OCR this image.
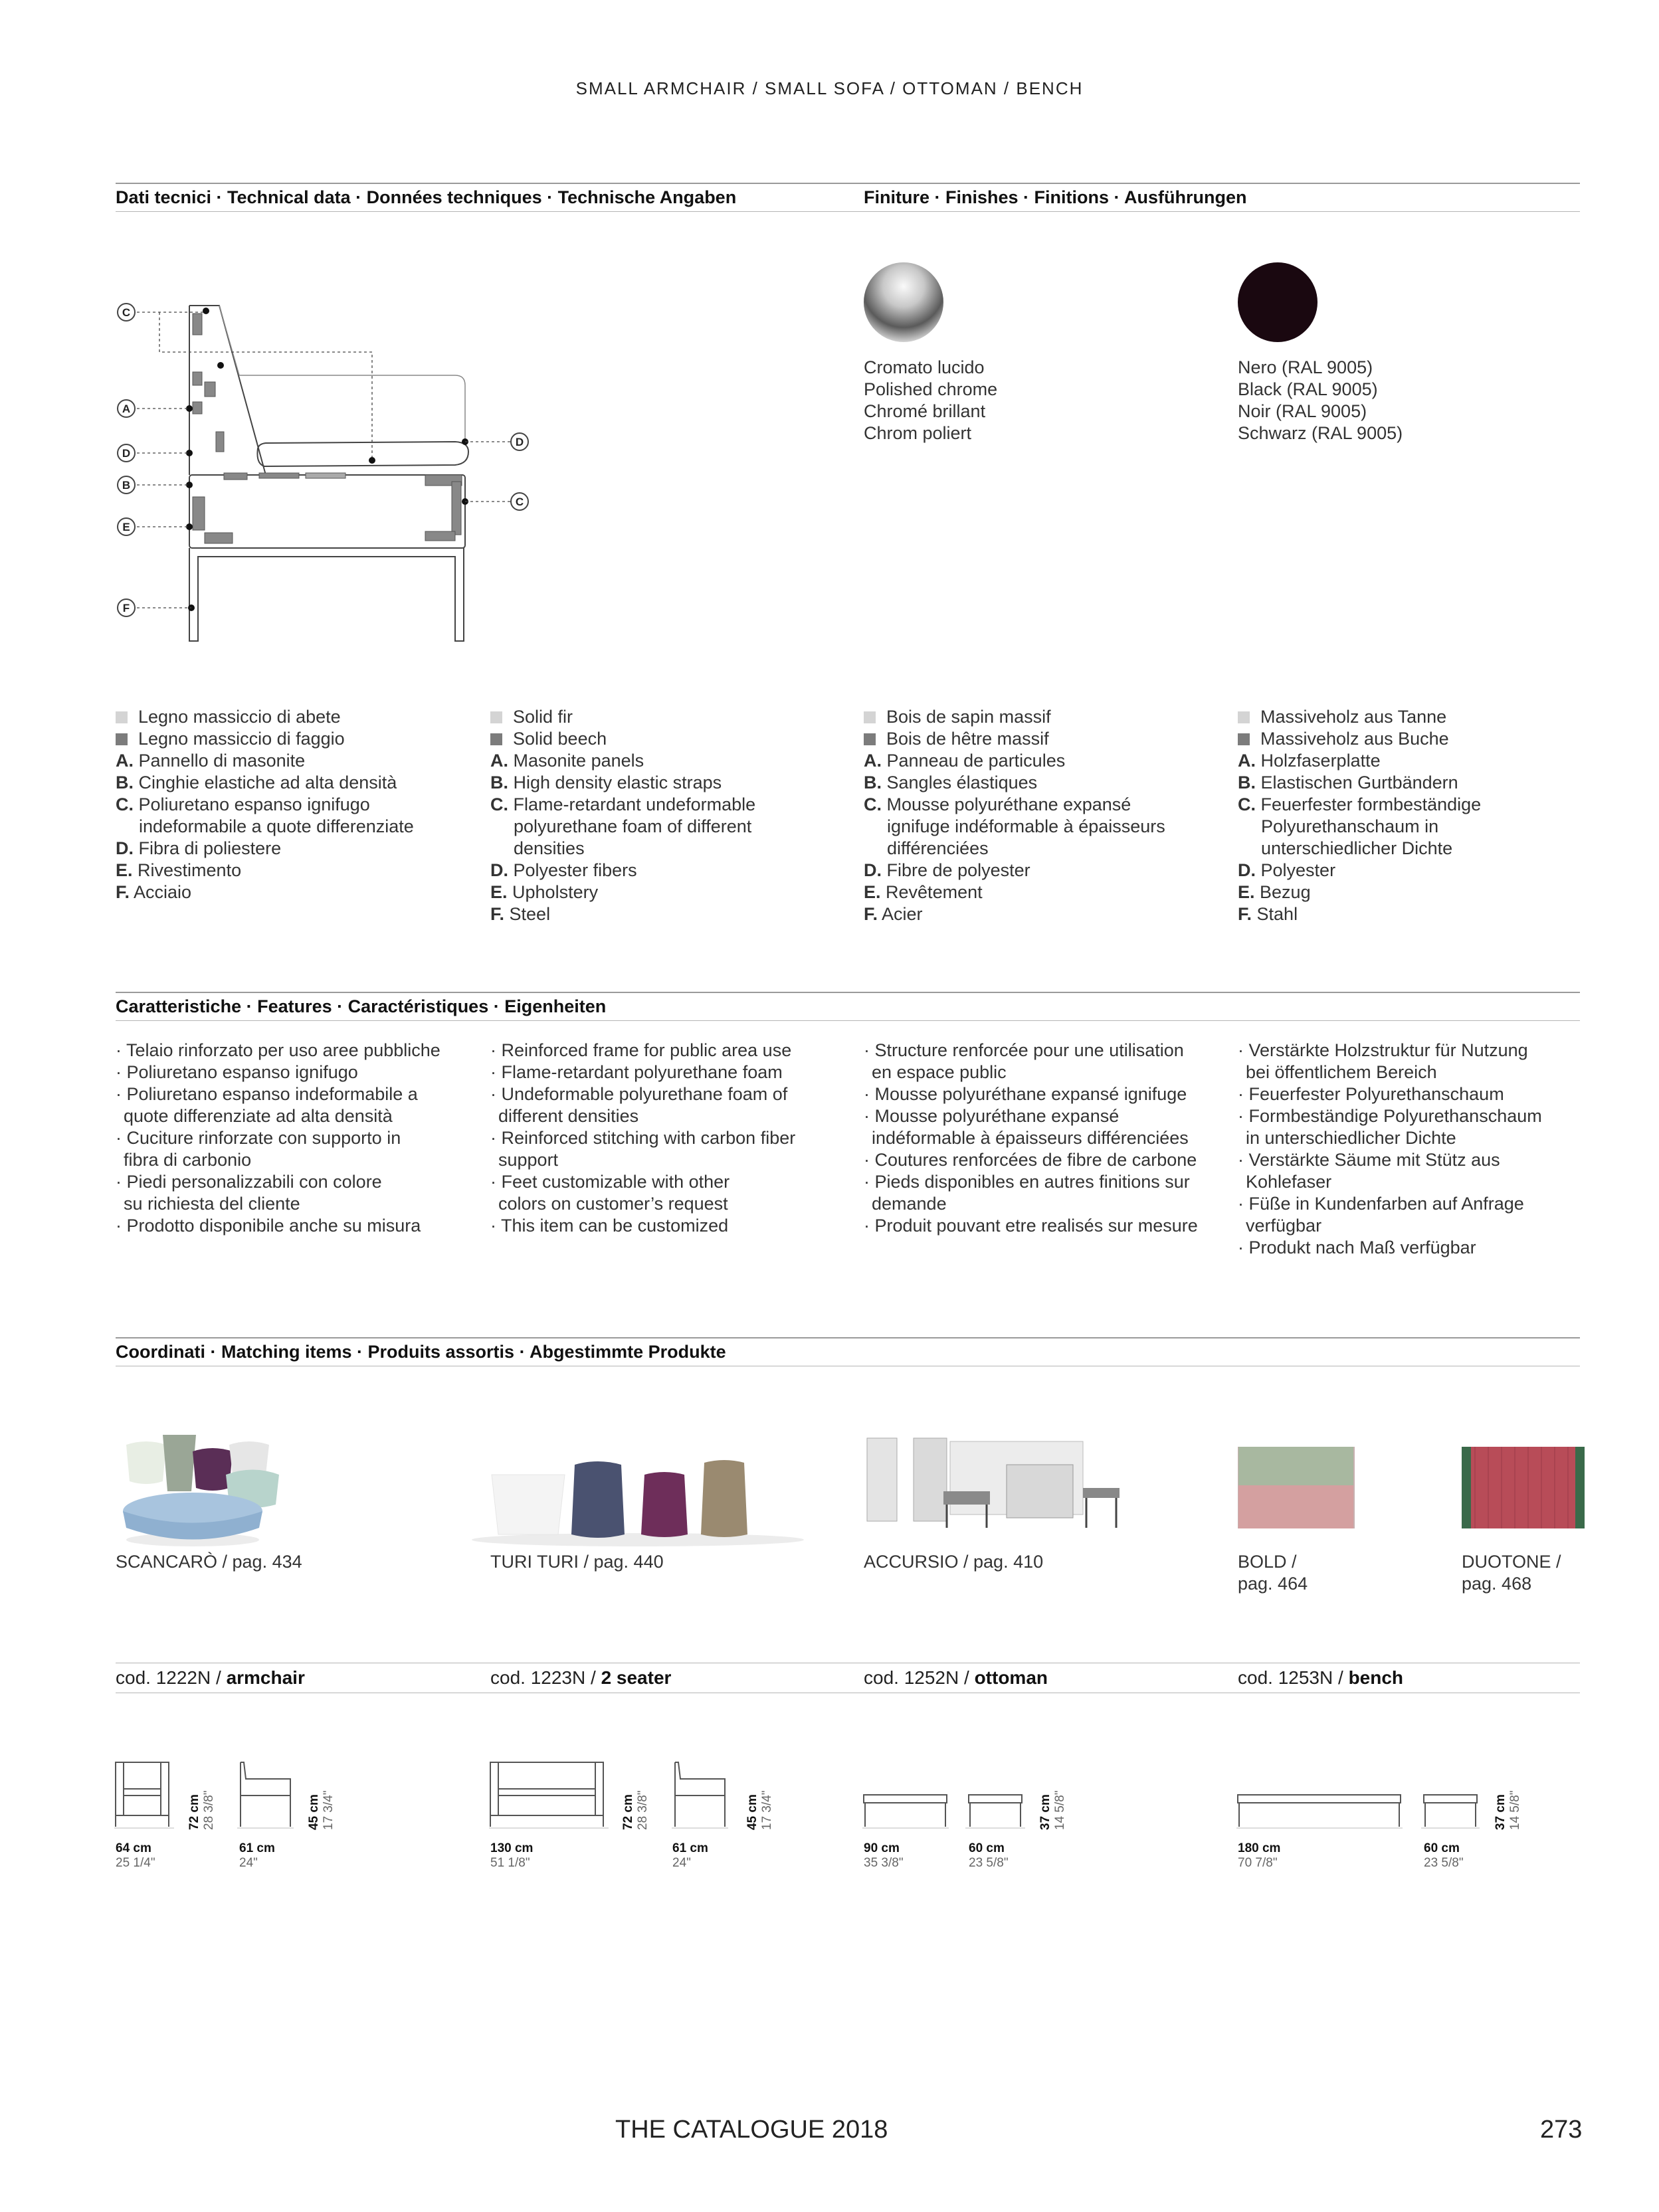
SMALL ARMCHAIR / SMALL SOFA / OTTOMAN / BENCH
Dati tecnici · Technical data · Données techniques · Technische Angaben	Finiture · Finishes · Finitions · Ausführungen
C
A
D
B
E
F
D
C
Cromato lucido
Polished chrome
Chromé brillant
Chrom poliert
Nero (RAL 9005)
Black (RAL 9005)
Noir (RAL 9005)
Schwarz (RAL 9005)
Legno massiccio di abete
Legno massiccio di faggio
A. Pannello di masonite
B. Cinghie elastiche ad alta densità
C. Poliuretano espanso ignifugo
indeformabile a quote differenziate
D. Fibra di poliestere
E. Rivestimento
F. Acciaio
Solid fir
Solid beech
A. Masonite panels
B. High density elastic straps
C. Flame-retardant undeformable
polyurethane foam of different
densities
D. Polyester fibers
E. Upholstery
F. Steel
Bois de sapin massif
Bois de hêtre massif
A. Panneau de particules
B. Sangles élastiques
C. Mousse polyuréthane expansé
ignifuge indéformable à épaisseurs
différenciées
D. Fibre de polyester
E. Revêtement
F. Acier
Massiveholz aus Tanne
Massiveholz aus Buche
A. Holzfaserplatte
B. Elastischen Gurtbändern
C. Feuerfester formbeständige
Polyurethanschaum in
unterschiedlicher Dichte
D. Polyester
E. Bezug
F. Stahl
Caratteristiche · Features · Caractéristiques · Eigenheiten
· Telaio rinforzato per uso aree pubbliche
· Poliuretano espanso ignifugo
· Poliuretano espanso indeformabile a
quote differenziate ad alta densità
· Cuciture rinforzate con supporto in
fibra di carbonio
· Piedi personalizzabili con colore
su richiesta del cliente
· Prodotto disponibile anche su misura
· Reinforced frame for public area use
· Flame-retardant polyurethane foam
· Undeformable polyurethane foam of
different densities
· Reinforced stitching with carbon fiber
support
· Feet customizable with other
colors on customer’s request
· This item can be customized
· Structure renforcée pour une utilisation
en espace public
· Mousse polyuréthane expansé ignifuge
· Mousse polyuréthane expansé
indéformable à épaisseurs différenciées
· Coutures renforcées de fibre de carbone
· Pieds disponibles en autres finitions sur
demande
· Produit pouvant etre realisés sur mesure
· Verstärkte Holzstruktur für Nutzung
bei öffentlichem Bereich
· Feuerfester Polyurethanschaum
· Formbeständige Polyurethanschaum
in unterschiedlicher Dichte
· Verstärkte Säume mit Stütz aus
Kohlefaser
· Füße in Kundenfarben auf Anfrage
verfügbar
· Produkt nach Maß verfügbar
Coordinati · Matching items · Produits assortis · Abgestimmte Produkte
SCANCARÒ / pag. 434	TURI TURI / pag. 440	ACCURSIO / pag. 410	BOLD /
pag. 464
DUOTONE /
pag. 468
cod. 1222N / armchair	cod. 1223N / 2 seater	cod. 1252N / ottoman	cod. 1253N / bench
72 cm
28 3/8"	45 cm
17 3/4"
64 cm
25 1/4"
61 cm
24"
72 cm
28 3/8"	45 cm
17 3/4"
130 cm
51 1/8"
61 cm
24"
37 cm
14 5/8"
90 cm
35 3/8"
60 cm
23 5/8"
37 cm
14 5/8"
180 cm
70 7/8"
60 cm
23 5/8"
THE CATALOGUE 2018	273
